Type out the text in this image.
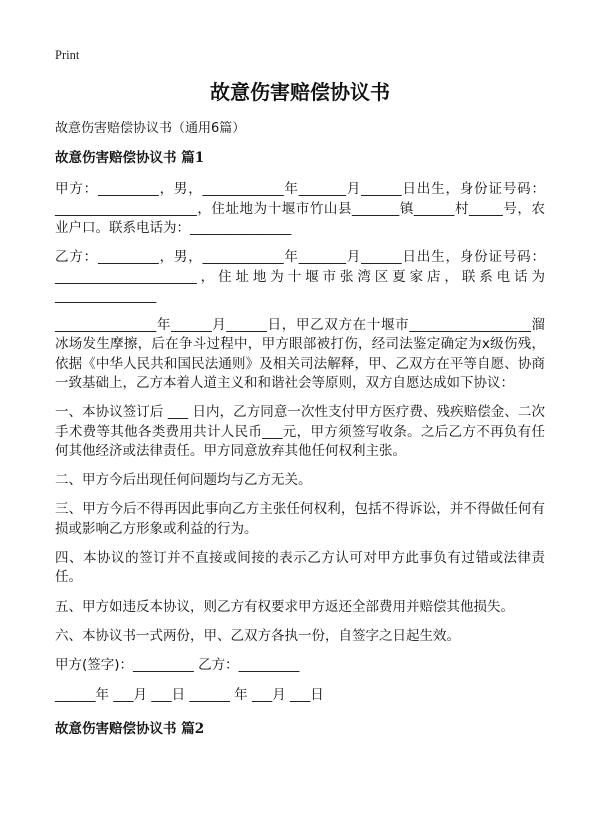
Print
故意伤害赔偿协议书
故意伤害赔偿协议书（通用6篇）
故意伤害赔偿协议书 篇1

甲方：_________，男，____________年_______月______日出生，身份证号码：_____________________，住址地为十堰市竹山县_______镇______村_____号，农业户口。联系电话为：_______________

乙方：_________，男，____________年_______月______日出生，身份证号码：_____________________，住址地为十堰市张湾区夏家店，联系电话为_______________

_______________年______月______日，甲乙双方在十堰市__________________溜冰场发生摩擦，后在争斗过程中，甲方眼部被打伤，经司法鉴定确定为x级伤残，依据《中华人民共和国民法通则》及相关司法解释，甲、乙双方在平等自愿、协商一致基础上，乙方本着人道主义和和谐社会等原则，双方自愿达成如下协议：

一、本协议签订后 ___ 日内，乙方同意一次性支付甲方医疗费、残疾赔偿金、二次手术费等其他各类费用共计人民币___元，甲方须签写收条。之后乙方不再负有任何其他经济或法律责任。甲方同意放弃其他任何权利主张。

二、甲方今后出现任何问题均与乙方无关。

三、甲方今后不得再因此事向乙方主张任何权利，包括不得诉讼，并不得做任何有损或影响乙方形象或利益的行为。

四、本协议的签订并不直接或间接的表示乙方认可对甲方此事负有过错或法律责任。

五、甲方如违反本协议，则乙方有权要求甲方返还全部费用并赔偿其他损失。

六、本协议书一式两份，甲、乙双方各执一份，自签字之日起生效。

甲方(签字)：_________ 乙方：_________

______年 ___月 ___日 ______ 年 ___月 ___日

故意伤害赔偿协议书 篇2
